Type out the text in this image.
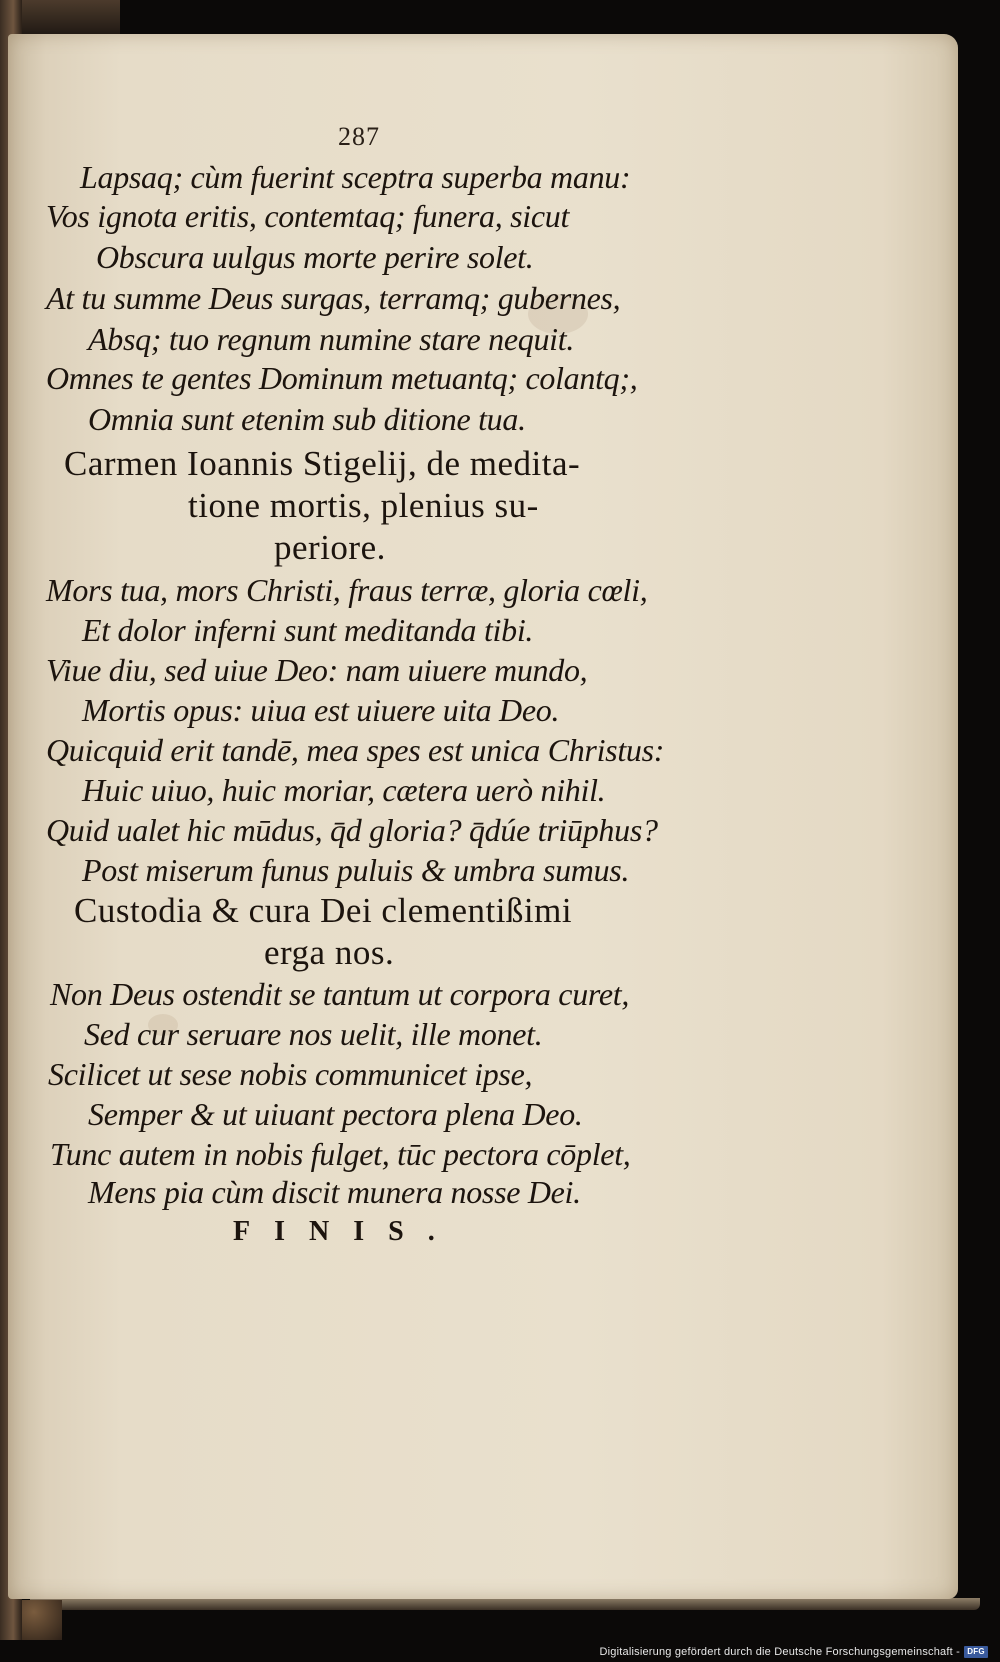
287
Lapsaq; cùm fuerint sceptra superba manu:
Vos ignota eritis, contemtaq; funera, sicut
Obscura uulgus morte perire solet.
At tu summe Deus surgas, terramq; gubernes,
Absq; tuo regnum numine stare nequit.
Omnes te gentes Dominum metuantq; colantq;,
Omnia sunt etenim sub ditione tua.
Carmen Ioannis Stigelij, de medita-
tione mortis, plenius su-
periore.
Mors tua, mors Christi, fraus terræ, gloria cœli,
Et dolor inferni sunt meditanda tibi.
Viue diu, sed uiue Deo: nam uiuere mundo,
Mortis opus: uiua est uiuere uita Deo.
Quicquid erit tandē, mea spes est unica Christus:
Huic uiuo, huic moriar, cætera uerò nihil.
Quid ualet hic mūdus, q̄d gloria? q̄dúe triūphus?
Post miserum funus puluis & umbra sumus.
Custodia & cura Dei clementißimi
erga nos.
Non Deus ostendit se tantum ut corpora curet,
Sed cur seruare nos uelit, ille monet.
Scilicet ut sese nobis communicet ipse,
Semper & ut uiuant pectora plena Deo.
Tunc autem in nobis fulget, tūc pectora cōplet,
Mens pia cùm discit munera nosse Dei.
FINIS.
Digitalisierung gefördert durch die Deutsche Forschungsgemeinschaft - DFG
